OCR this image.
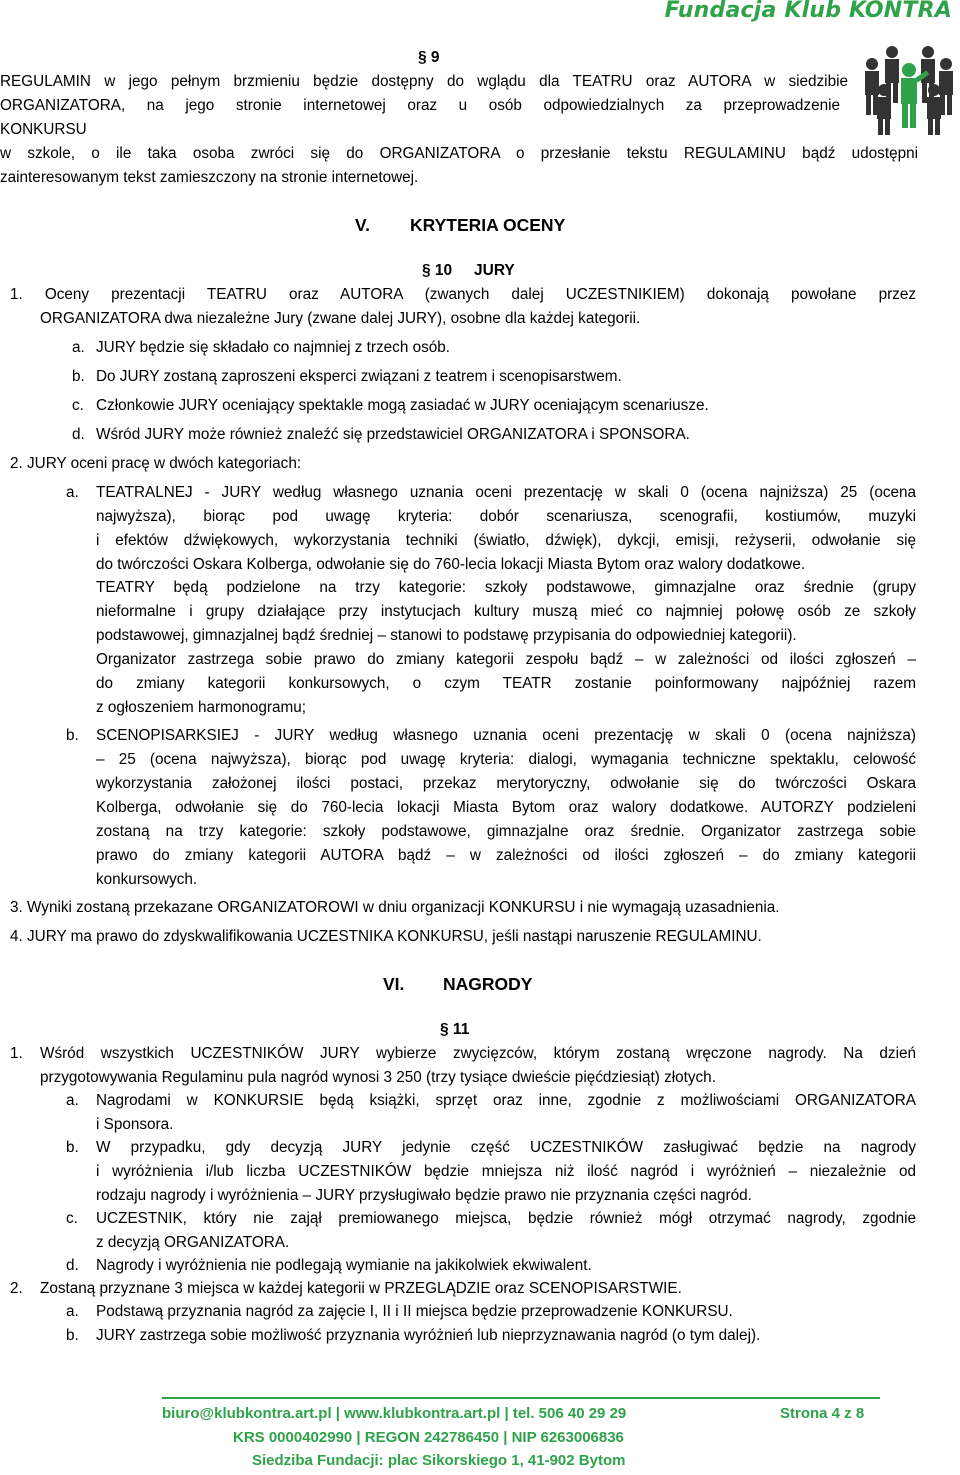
Fundacja Klub KONTRA
§ 9
REGULAMIN w jego pełnym brzmieniu będzie dostępny do wglądu dla TEATRU oraz AUTORA w siedzibie
ORGANIZATORA, na jego stronie internetowej oraz u osób odpowiedzialnych za przeprowadzenie
KONKURSU
w szkole, o ile taka osoba zwróci się do ORGANIZATORA o przesłanie tekstu REGULAMINU bądź udostępni
zainteresowanym tekst zamieszczony na stronie internetowej.
V. KRYTERIA OCENY
§ 10 JURY
1. Oceny prezentacji TEATRU oraz AUTORA (zwanych dalej UCZESTNIKIEM) dokonają powołane przez
ORGANIZATORA dwa niezależne Jury (zwane dalej JURY), osobne dla każdej kategorii.
a. JURY będzie się składało co najmniej z trzech osób.
b. Do JURY zostaną zaproszeni eksperci związani z teatrem i scenopisarstwem.
c. Członkowie JURY oceniający spektakle mogą zasiadać w JURY oceniającym scenariusze.
d. Wśród JURY może również znaleźć się przedstawiciel ORGANIZATORA i SPONSORA.
2. JURY oceni pracę w dwóch kategoriach:
a. TEATRALNEJ - JURY według własnego uznania oceni prezentację w skali 0 (ocena najniższa) 25 (ocena
najwyższa), biorąc pod uwagę kryteria: dobór scenariusza, scenografii, kostiumów, muzyki
i efektów dźwiękowych, wykorzystania techniki (światło, dźwięk), dykcji, emisji, reżyserii, odwołanie się
do twórczości Oskara Kolberga, odwołanie się do 760-lecia lokacji Miasta Bytom oraz walory dodatkowe.
TEATRY będą podzielone na trzy kategorie: szkoły podstawowe, gimnazjalne oraz średnie (grupy
nieformalne i grupy działające przy instytucjach kultury muszą mieć co najmniej połowę osób ze szkoły
podstawowej, gimnazjalnej bądź średniej – stanowi to podstawę przypisania do odpowiedniej kategorii).
Organizator zastrzega sobie prawo do zmiany kategorii zespołu bądź – w zależności od ilości zgłoszeń –
do zmiany kategorii konkursowych, o czym TEATR zostanie poinformowany najpóźniej razem
z ogłoszeniem harmonogramu;
b. SCENOPISARKSIEJ - JURY według własnego uznania oceni prezentację w skali 0 (ocena najniższa)
– 25 (ocena najwyższa), biorąc pod uwagę kryteria: dialogi, wymagania techniczne spektaklu, celowość
wykorzystania założonej ilości postaci, przekaz merytoryczny, odwołanie się do twórczości Oskara
Kolberga, odwołanie się do 760-lecia lokacji Miasta Bytom oraz walory dodatkowe. AUTORZY podzieleni
zostaną na trzy kategorie: szkoły podstawowe, gimnazjalne oraz średnie. Organizator zastrzega sobie
prawo do zmiany kategorii AUTORA bądź – w zależności od ilości zgłoszeń – do zmiany kategorii
konkursowych.
3. Wyniki zostaną przekazane ORGANIZATOROWI w dniu organizacji KONKURSU i nie wymagają uzasadnienia.
4. JURY ma prawo do zdyskwalifikowania UCZESTNIKA KONKURSU, jeśli nastąpi naruszenie REGULAMINU.
VI. NAGRODY
§ 11
1. Wśród wszystkich UCZESTNIKÓW JURY wybierze zwycięzców, którym zostaną wręczone nagrody. Na dzień
przygotowywania Regulaminu pula nagród wynosi 3 250 (trzy tysiące dwieście pięćdziesiąt) złotych.
a. Nagrodami w KONKURSIE będą książki, sprzęt oraz inne, zgodnie z możliwościami ORGANIZATORA
i Sponsora.
b. W przypadku, gdy decyzją JURY jedynie część UCZESTNIKÓW zasługiwać będzie na nagrody
i wyróżnienia i/lub liczba UCZESTNIKÓW będzie mniejsza niż ilość nagród i wyróżnień – niezależnie od
rodzaju nagrody i wyróżnienia – JURY przysługiwało będzie prawo nie przyznania części nagród.
c. UCZESTNIK, który nie zajął premiowanego miejsca, będzie również mógł otrzymać nagrody, zgodnie
z decyzją ORGANIZATORA.
d. Nagrody i wyróżnienia nie podlegają wymianie na jakikolwiek ekwiwalent.
2. Zostaną przyznane 3 miejsca w każdej kategorii w PRZEGLĄDZIE oraz SCENOPISARSTWIE.
a. Podstawą przyznania nagród za zajęcie I, II i II miejsca będzie przeprowadzenie KONKURSU.
b. JURY zastrzega sobie możliwość przyznania wyróżnień lub nieprzyznawania nagród (o tym dalej).
biuro@klubkontra.art.pl | www.klubkontra.art.pl | tel. 506 40 29 29	Strona 4 z 8
KRS 0000402990 | REGON 242786450 | NIP 6263006836
Siedziba Fundacji: plac Sikorskiego 1, 41-902 Bytom
